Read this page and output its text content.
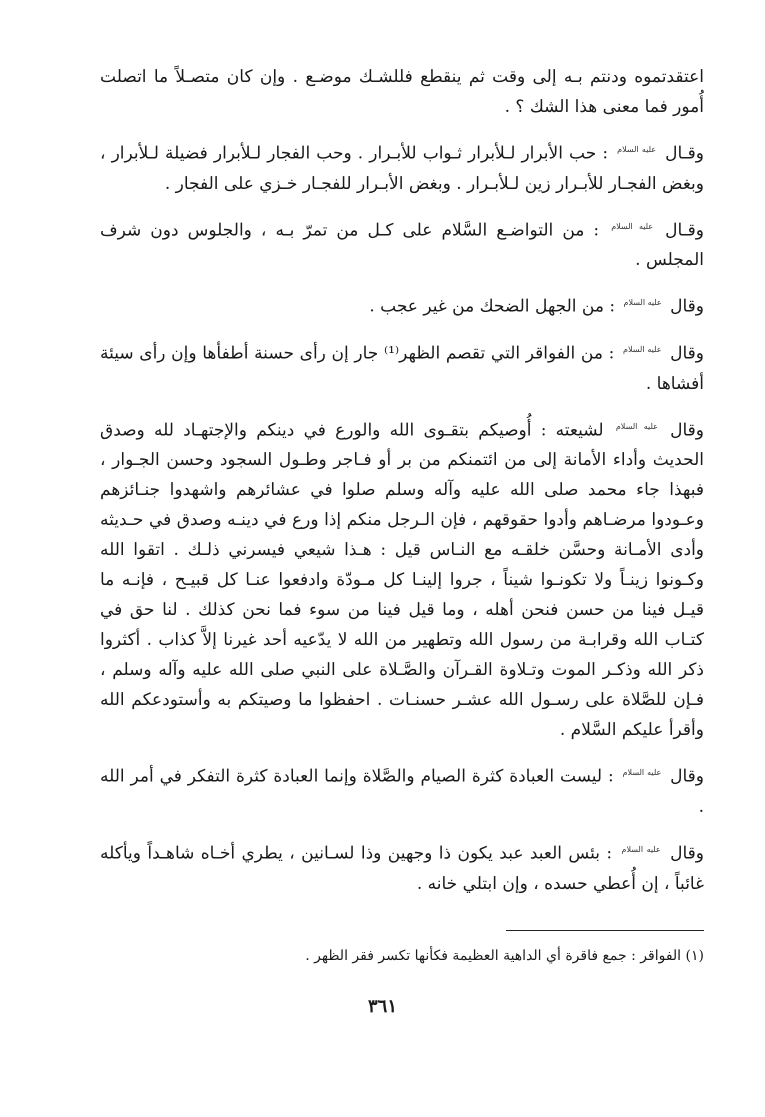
اعتقدتموه ودنتم بـه إلى وقت ثم ينقطع فللشـك موضـع . وإن كان متصـلاً ما اتصلت أُمور فما معنى هذا الشك ؟ .

وقـال $^{عليه السلام}$ : حب الأبرار لـلأبرار ثـواب للأبـرار . وحب الفجار لـلأبرار فضيلة لـلأبرار ، وبغض الفجـار للأبـرار زين لـلأبـرار . وبغض الأبـرار للفجـار خـزي على الفجار .

وقـال $^{عليه السلام}$ : من التواضـع السَّلام على كـل من تمرّ بـه ، والجلوس دون شرف المجلس .

وقال $^{عليه السلام}$ : من الجهل الضحك من غير عجب .

وقال $^{عليه السلام}$ : من الفواقر التي تقصم الظهر⁽¹⁾ جار إن رأى حسنة أطفأها وإن رأى سيئة أفشاها .

وقال $^{عليه السلام}$ لشيعته : أُوصيكم بتقـوى الله والورع في دينكم والإجتهـاد لله وصدق الحديث وأداء الأمانة إلى من ائتمنكم من بر أو فـاجر وطـول السجود وحسن الجـوار ، فبهذا جاء محمد صلى الله عليه وآله وسلم صلوا في عشائرهم واشهدوا جنـائزهم وعـودوا مرضـاهم وأدوا حقوقهم ، فإن الـرجل منكم إذا ورع في دينـه وصدق في حـديثه وأدى الأمـانة وحسَّن خلقـه مع النـاس قيل : هـذا شيعي فيسرني ذلـك . اتقوا الله وكـونوا زينـاً ولا تكونـوا شيناً ، جروا إلينـا كل مـودّة وادفعوا عنـا كل قبيـح ، فإنـه ما قيـل فينا من حسن فنحن أهله ، وما قيل فينا من سوء فما نحن كذلك . لنا حق في كتـاب الله وقرابـة من رسول الله وتطهير من الله لا يدّعيه أحد غيرنا إلاَّ كذاب . أكثروا ذكر الله وذكـر الموت وتـلاوة القـرآن والصَّـلاة على النبي صلى الله عليه وآله وسلم ، فـإن للصَّلاة على رسـول الله عشـر حسنـات . احفظوا ما وصيتكم به وأستودعكم الله وأقرأ عليكم السَّلام .

وقال $^{عليه السلام}$ : ليست العبادة كثرة الصيام والصَّلاة وإنما العبادة كثرة التفكر في أمر الله .

وقال $^{عليه السلام}$ : بئس العبد عبد يكون ذا وجهين وذا لسـانين ، يطري أخـاه شاهـداً ويأكله غائباً ، إن أُعطي حسده ، وإن ابتلي خانه .

(١) الفواقر : جمع فاقرة أي الداهية العظيمة فكأنها تكسر فقر الظهر .
٣٦١
